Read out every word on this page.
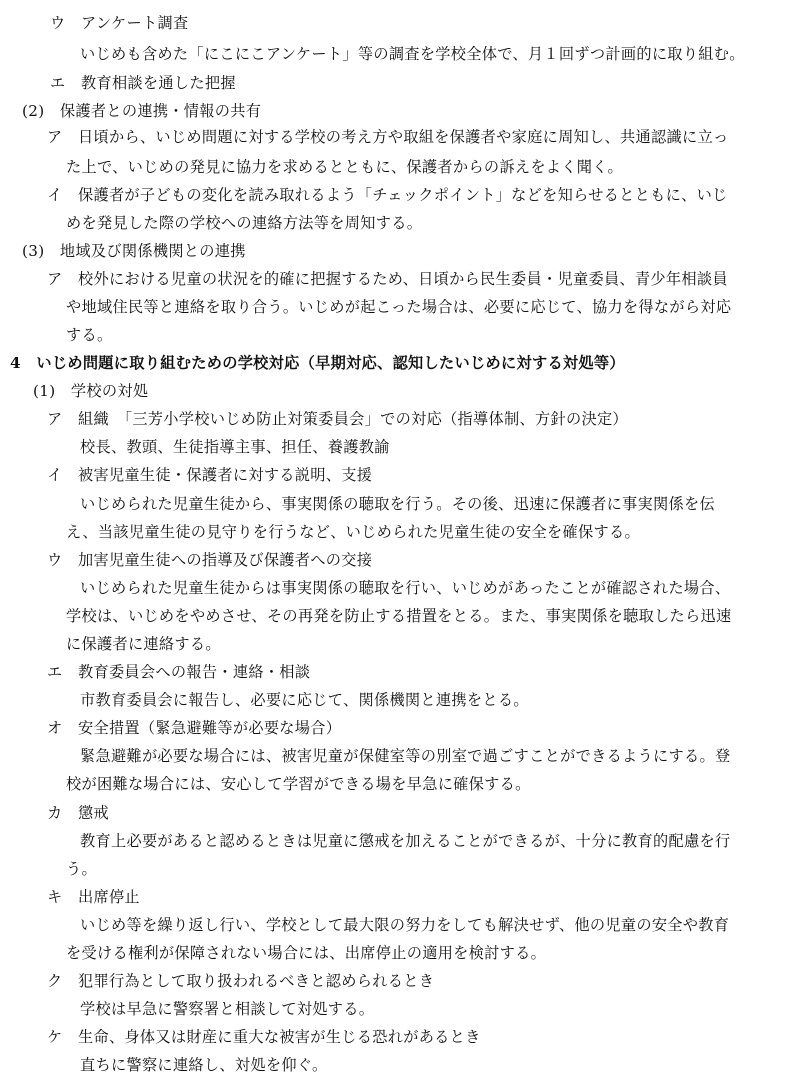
ウ　アンケート調査
いじめも含めた「にこにこアンケート」等の調査を学校全体で、月１回ずつ計画的に取り組む。
エ　教育相談を通した把握
(2)　保護者との連携・情報の共有
ア　日頃から、いじめ問題に対する学校の考え方や取組を保護者や家庭に周知し、共通認識に立っ
た上で、いじめの発見に協力を求めるとともに、保護者からの訴えをよく聞く。
イ　保護者が子どもの変化を読み取れるよう「チェックポイント」などを知らせるとともに、いじ
めを発見した際の学校への連絡方法等を周知する。
(3)　地域及び関係機関との連携
ア　校外における児童の状況を的確に把握するため、日頃から民生委員・児童委員、青少年相談員
や地域住民等と連絡を取り合う。いじめが起こった場合は、必要に応じて、協力を得ながら対応
する。
4　いじめ問題に取り組むための学校対応（早期対応、認知したいじめに対する対処等）
(1)　学校の対処
ア　組織　「三芳小学校いじめ防止対策委員会」での対応（指導体制、方針の決定）
校長、教頭、生徒指導主事、担任、養護教諭
イ　被害児童生徒・保護者に対する説明、支援
いじめられた児童生徒から、事実関係の聴取を行う。その後、迅速に保護者に事実関係を伝
え、当該児童生徒の見守りを行うなど、いじめられた児童生徒の安全を確保する。
ウ　加害児童生徒への指導及び保護者への交接
いじめられた児童生徒からは事実関係の聴取を行い、いじめがあったことが確認された場合、
学校は、いじめをやめさせ、その再発を防止する措置をとる。また、事実関係を聴取したら迅速
に保護者に連絡する。
エ　教育委員会への報告・連絡・相談
市教育委員会に報告し、必要に応じて、関係機関と連携をとる。
オ　安全措置（緊急避難等が必要な場合）
緊急避難が必要な場合には、被害児童が保健室等の別室で過ごすことができるようにする。登
校が困難な場合には、安心して学習ができる場を早急に確保する。
カ　懲戒
教育上必要があると認めるときは児童に懲戒を加えることができるが、十分に教育的配慮を行
う。
キ　出席停止
いじめ等を繰り返し行い、学校として最大限の努力をしても解決せず、他の児童の安全や教育
を受ける権利が保障されない場合には、出席停止の適用を検討する。
ク　犯罪行為として取り扱われるべきと認められるとき
学校は早急に警察署と相談して対処する。
ケ　生命、身体又は財産に重大な被害が生じる恐れがあるとき
直ちに警察に連絡し、対処を仰ぐ。
